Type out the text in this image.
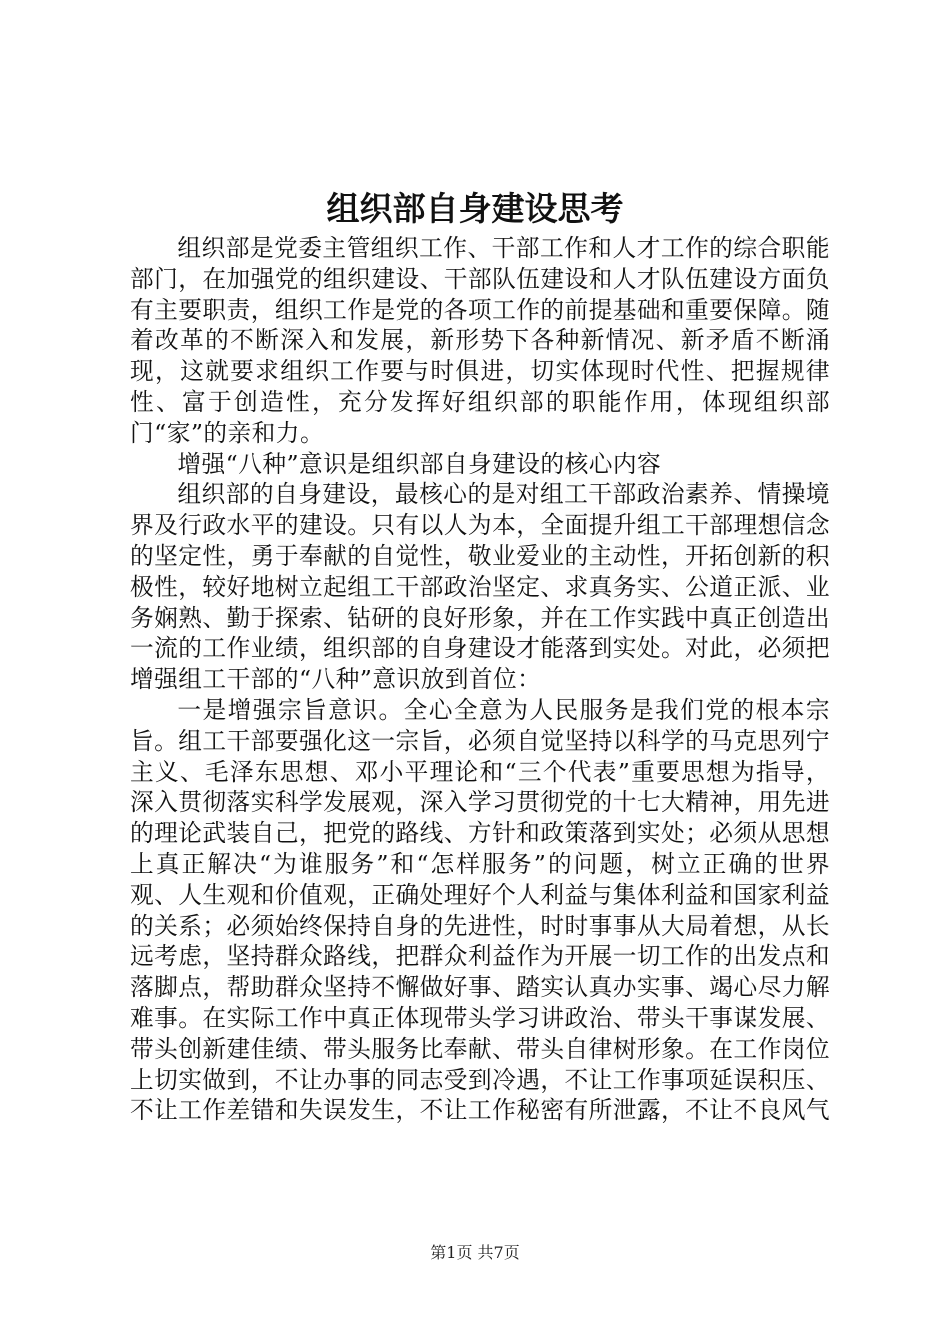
组织部自身建设思考

组织部是党委主管组织工作、干部工作和人才工作的综合职能部门，在加强党的组织建设、干部队伍建设和人才队伍建设方面负有主要职责，组织工作是党的各项工作的前提基础和重要保障。随着改革的不断深入和发展，新形势下各种新情况、新矛盾不断涌现，这就要求组织工作要与时俱进，切实体现时代性、把握规律性、富于创造性，充分发挥好组织部的职能作用，体现组织部门“家”的亲和力。

增强“八种”意识是组织部自身建设的核心内容

组织部的自身建设，最核心的是对组工干部政治素养、情操境界及行政水平的建设。只有以人为本，全面提升组工干部理想信念的坚定性，勇于奉献的自觉性，敬业爱业的主动性，开拓创新的积极性，较好地树立起组工干部政治坚定、求真务实、公道正派、业务娴熟、勤于探索、钻研的良好形象，并在工作实践中真正创造出一流的工作业绩，组织部的自身建设才能落到实处。对此，必须把增强组工干部的“八种”意识放到首位：

一是增强宗旨意识。全心全意为人民服务是我们党的根本宗旨。组工干部要强化这一宗旨，必须自觉坚持以科学的马克思列宁主义、毛泽东思想、邓小平理论和“三个代表”重要思想为指导，深入贯彻落实科学发展观，深入学习贯彻党的十七大精神，用先进的理论武装自己，把党的路线、方针和政策落到实处；必须从思想上真正解决“为谁服务”和“怎样服务”的问题，树立正确的世界观、人生观和价值观，正确处理好个人利益与集体利益和国家利益的关系；必须始终保持自身的先进性，时时事事从大局着想，从长远考虑，坚持群众路线，把群众利益作为开展一切工作的出发点和落脚点，帮助群众坚持不懈做好事、踏实认真办实事、竭心尽力解难事。在实际工作中真正体现带头学习讲政治、带头干事谋发展、带头创新建佳绩、带头服务比奉献、带头自律树形象。在工作岗位上切实做到，不让办事的同志受到冷遇，不让工作事项延误积压、不让工作差错和失误发生，不让工作秘密有所泄露，不让不良风气

第1页 共7页
